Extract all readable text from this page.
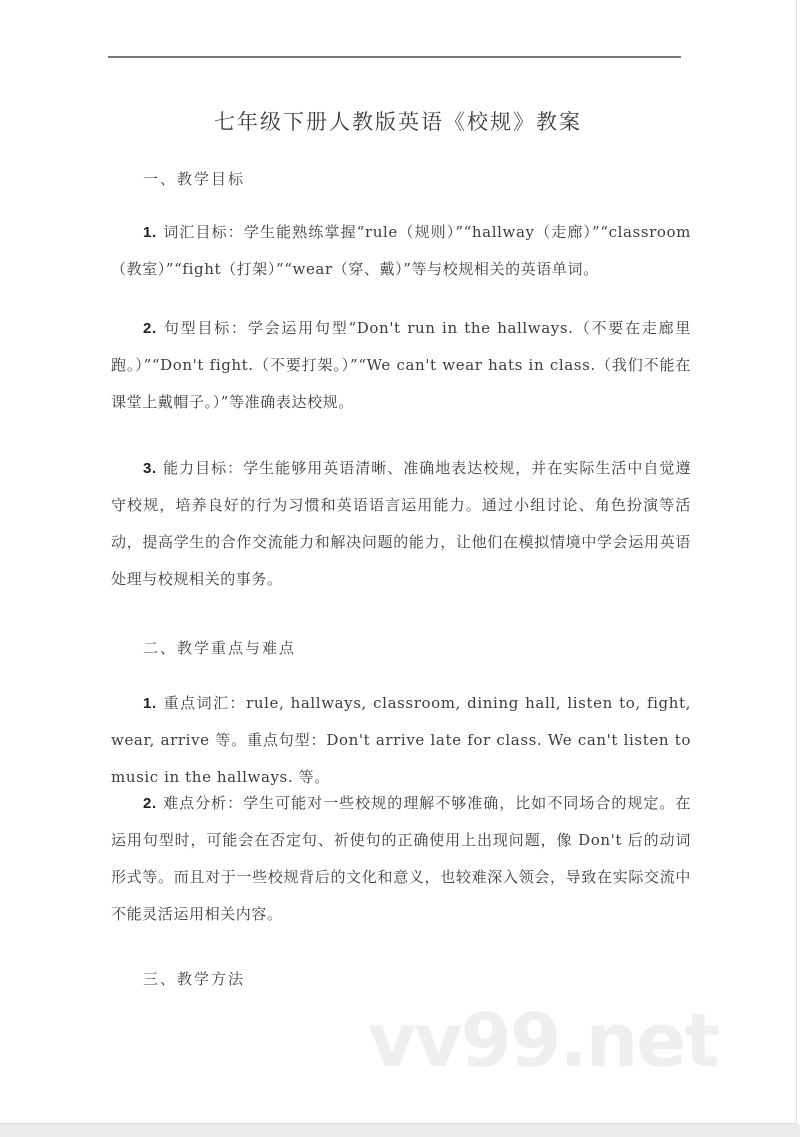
七年级下册人教版英语《校规》教案
一、教学目标

1. 词汇目标：学生能熟练掌握“rule（规则）”“hallway（走廊）”“classroom（教室）”“fight（打架）”“wear（穿、戴）”等与校规相关的英语单词。

2. 句型目标：学会运用句型“Don't run in the hallways.（不要在走廊里跑。）”“Don't fight.（不要打架。）”“We can't wear hats in class.（我们不能在课堂上戴帽子。）”等准确表达校规。

3. 能力目标：学生能够用英语清晰、准确地表达校规，并在实际生活中自觉遵守校规，培养良好的行为习惯和英语语言运用能力。通过小组讨论、角色扮演等活动，提高学生的合作交流能力和解决问题的能力，让他们在模拟情境中学会运用英语处理与校规相关的事务。

二、教学重点与难点

1. 重点词汇：rule, hallways, classroom, dining hall, listen to, fight, wear, arrive 等。重点句型：Don't arrive late for class. We can't listen to music in the hallways. 等。

2. 难点分析：学生可能对一些校规的理解不够准确，比如不同场合的规定。在运用句型时，可能会在否定句、祈使句的正确使用上出现问题，像 Don't 后的动词形式等。而且对于一些校规背后的文化和意义，也较难深入领会，导致在实际交流中不能灵活运用相关内容。

三、教学方法
vv99.net
